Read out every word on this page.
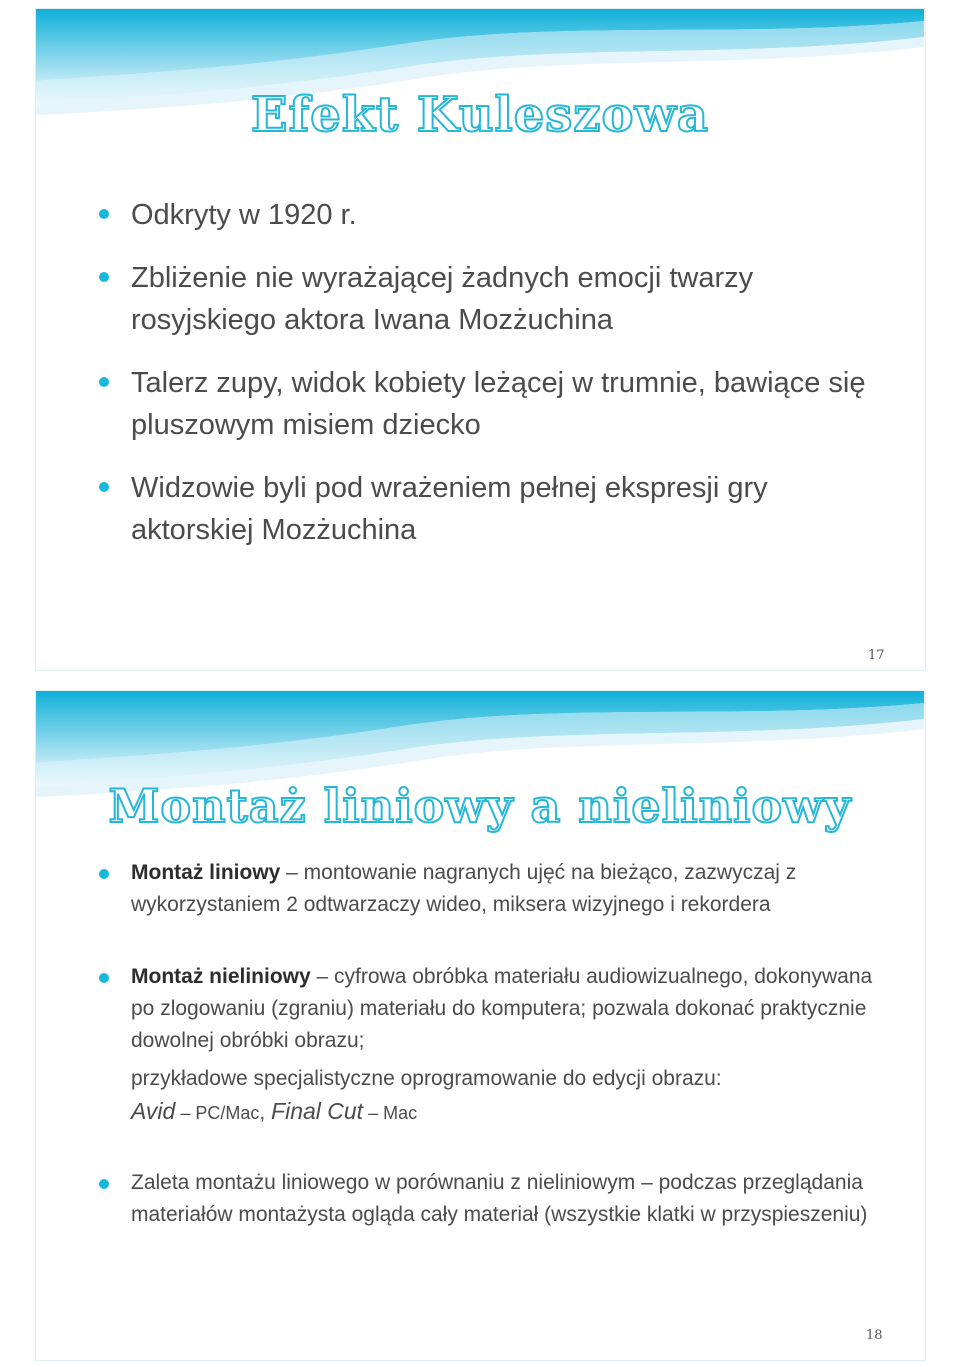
Efekt Kuleszowa
Odkryty w 1920 r.
Zbliżenie nie wyrażającej żadnych emocji twarzy rosyjskiego aktora Iwana Mozżuchina
Talerz zupy, widok kobiety leżącej w trumnie, bawiące się pluszowym misiem dziecko
Widzowie byli pod wrażeniem pełnej ekspresji gry aktorskiej Mozżuchina
17
Montaż liniowy a nieliniowy
Montaż liniowy – montowanie nagranych ujęć na bieżąco, zazwyczaj z wykorzystaniem 2 odtwarzaczy wideo, miksera wizyjnego i rekordera
Montaż nieliniowy – cyfrowa obróbka materiału audiowizualnego, dokonywana po zlogowaniu (zgraniu) materiału do komputera; pozwala dokonać praktycznie dowolnej obróbki obrazu;
przykładowe specjalistyczne oprogramowanie do edycji obrazu:
Avid – PC/Mac, Final Cut – Mac
Zaleta montażu liniowego w porównaniu z nieliniowym – podczas przeglądania materiałów montażysta ogląda cały materiał (wszystkie klatki w przyspieszeniu)
18
